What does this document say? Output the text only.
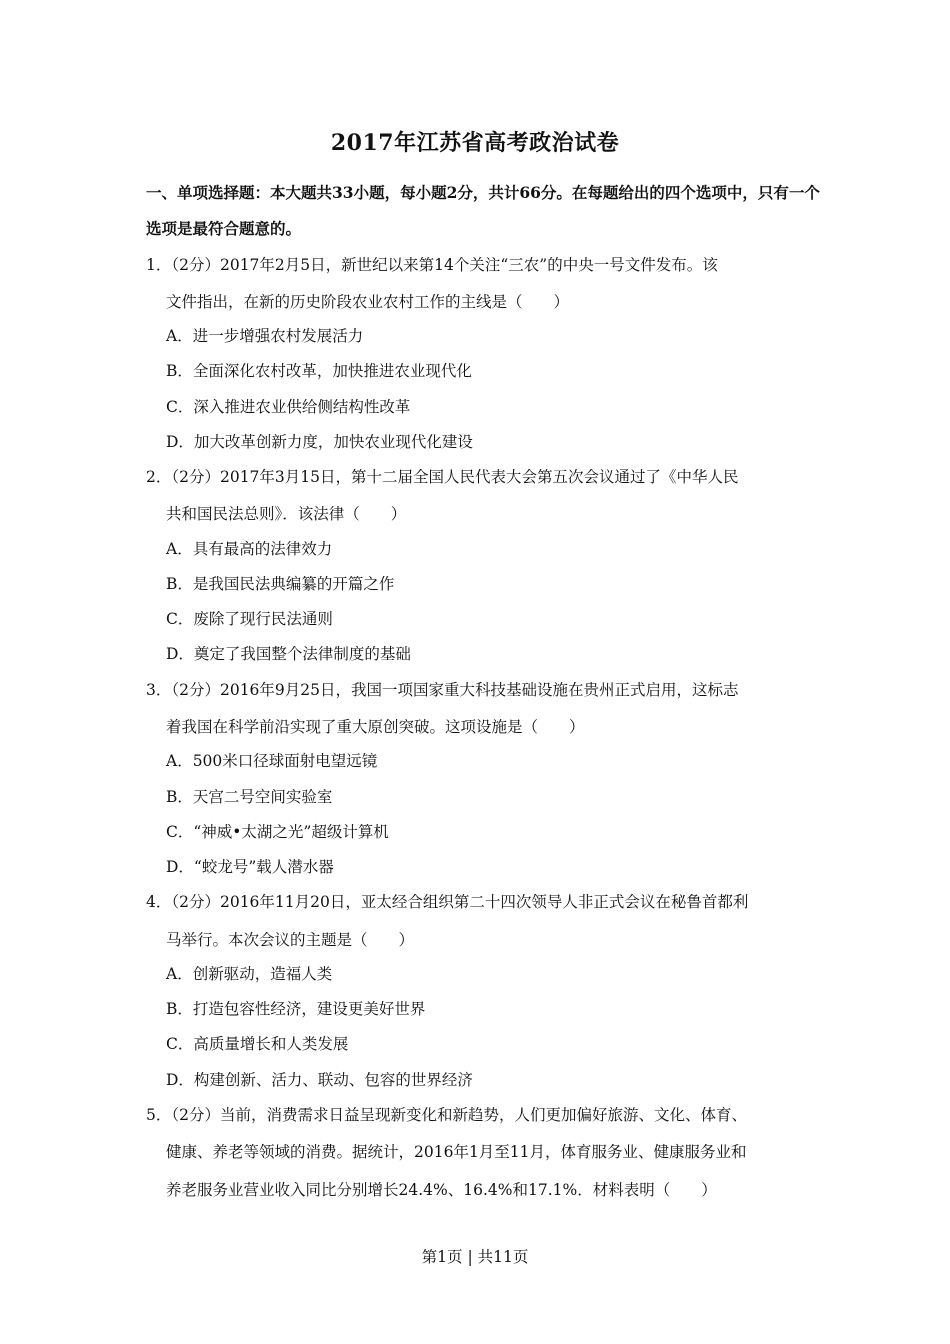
2017年江苏省高考政治试卷
一、单项选择题：本大题共33小题，每小题2分，共计66分。在每题给出的四个选项中，只有一个选项是最符合题意的。
1．（2分）2017年2月5日，新世纪以来第14个关注“三农”的中央一号文件发布。该
文件指出，在新的历史阶段农业农村工作的主线是（　　）
A．进一步增强农村发展活力
B．全面深化农村改革，加快推进农业现代化
C．深入推进农业供给侧结构性改革
D．加大改革创新力度，加快农业现代化建设
2．（2分）2017年3月15日，第十二届全国人民代表大会第五次会议通过了《中华人民
共和国民法总则》．该法律（　　）
A．具有最高的法律效力
B．是我国民法典编纂的开篇之作
C．废除了现行民法通则
D．奠定了我国整个法律制度的基础
3．（2分）2016年9月25日，我国一项国家重大科技基础设施在贵州正式启用，这标志
着我国在科学前沿实现了重大原创突破。这项设施是（　　）
A．500米口径球面射电望远镜
B．天宫二号空间实验室
C．“神威•太湖之光”超级计算机
D．“蛟龙号”载人潜水器
4．（2分）2016年11月20日，亚太经合组织第二十四次领导人非正式会议在秘鲁首都利
马举行。本次会议的主题是（　　）
A．创新驱动，造福人类
B．打造包容性经济，建设更美好世界
C．高质量增长和人类发展
D．构建创新、活力、联动、包容的世界经济
5．（2分）当前，消费需求日益呈现新变化和新趋势，人们更加偏好旅游、文化、体育、
健康、养老等领域的消费。据统计，2016年1月至11月，体育服务业、健康服务业和
养老服务业营业收入同比分别增长24.4%、16.4%和17.1%．材料表明（　　）
第1页 | 共11页
